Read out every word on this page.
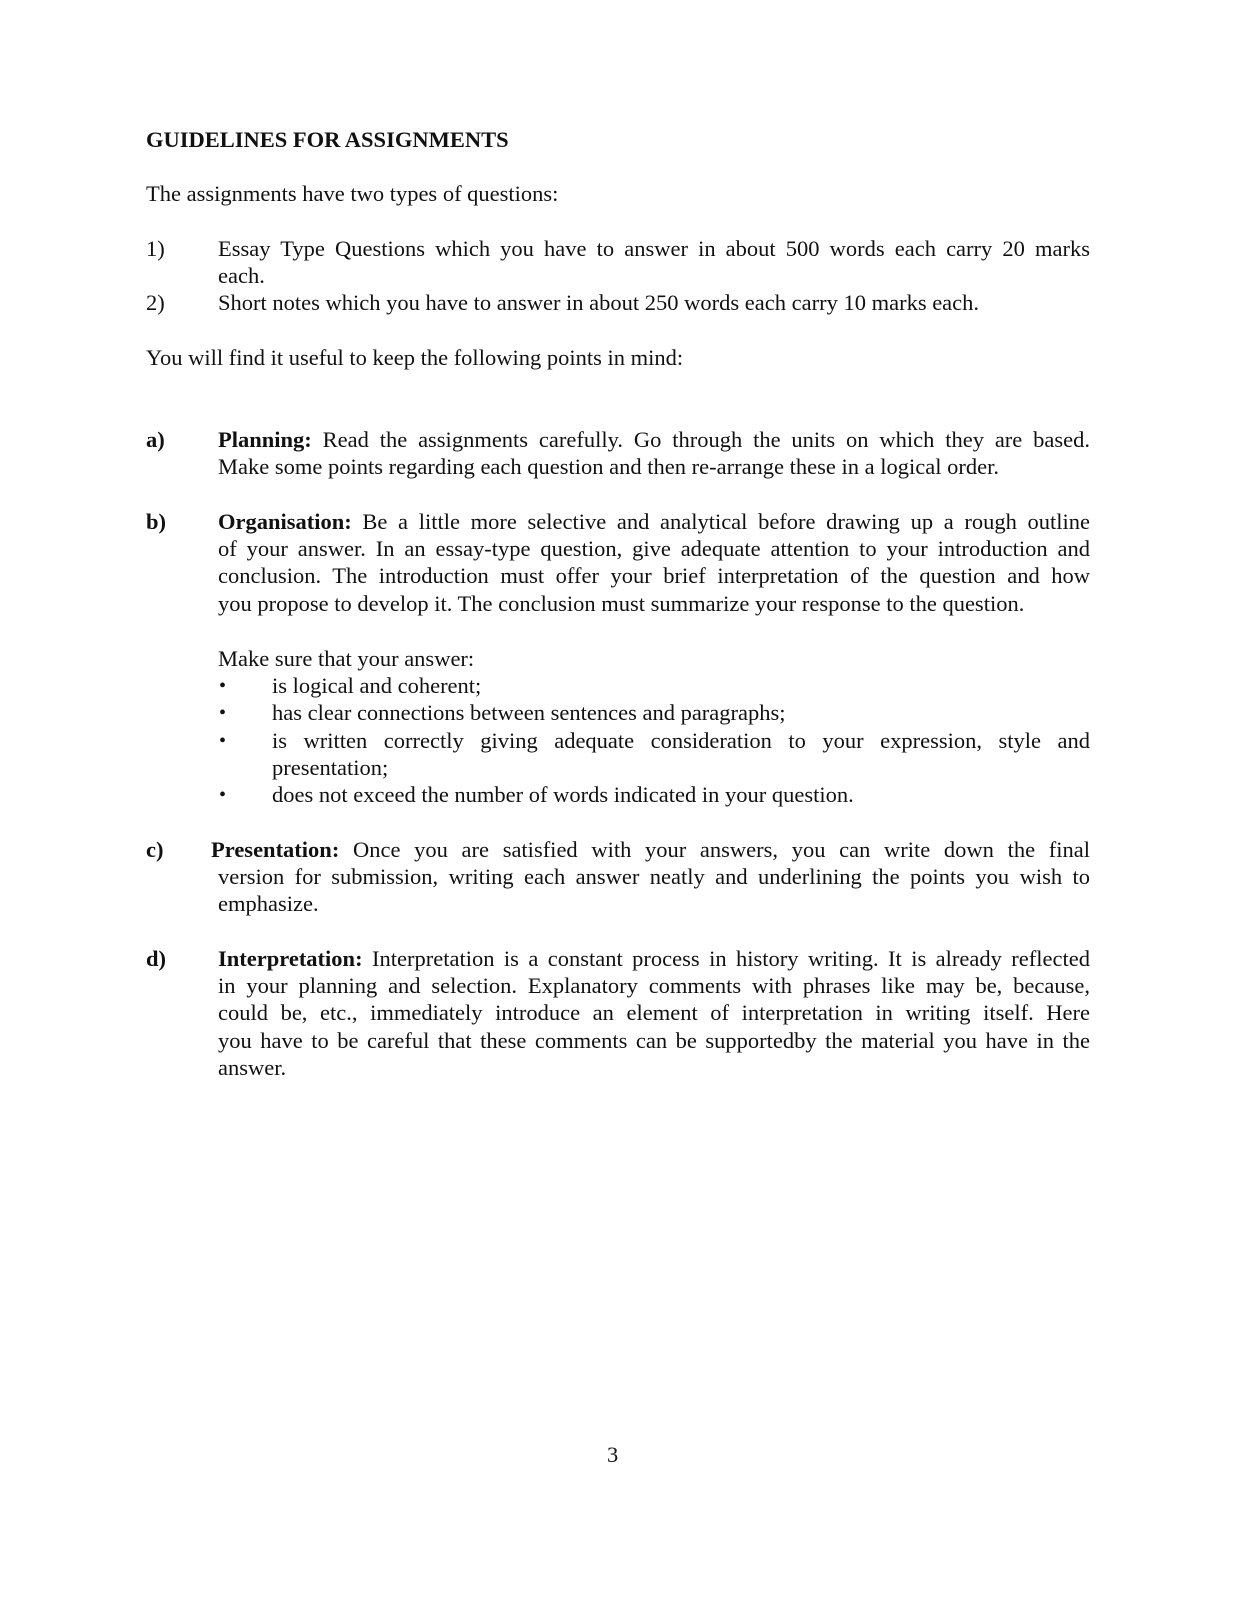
GUIDELINES FOR ASSIGNMENTS
The assignments have two types of questions:
1) Essay Type Questions which you have to answer in about 500 words each carry 20 marks
each.
2) Short notes which you have to answer in about 250 words each carry 10 marks each.
You will find it useful to keep the following points in mind:
a) Planning: Read the assignments carefully. Go through the units on which they are based.
Make some points regarding each question and then re-arrange these in a logical order.
b) Organisation: Be a little more selective and analytical before drawing up a rough outline
of your answer. In an essay-type question, give adequate attention to your introduction and
conclusion. The introduction must offer your brief interpretation of the question and how
you propose to develop it. The conclusion must summarize your response to the question.
Make sure that your answer:
• is logical and coherent;
• has clear connections between sentences and paragraphs;
• is written correctly giving adequate consideration to your expression, style and
presentation;
• does not exceed the number of words indicated in your question.
c) Presentation: Once you are satisfied with your answers, you can write down the final
version for submission, writing each answer neatly and underlining the points you wish to
emphasize.
d) Interpretation: Interpretation is a constant process in history writing. It is already reflected
in your planning and selection. Explanatory comments with phrases like may be, because,
could be, etc., immediately introduce an element of interpretation in writing itself. Here
you have to be careful that these comments can be supportedby the material you have in the
answer.
3
